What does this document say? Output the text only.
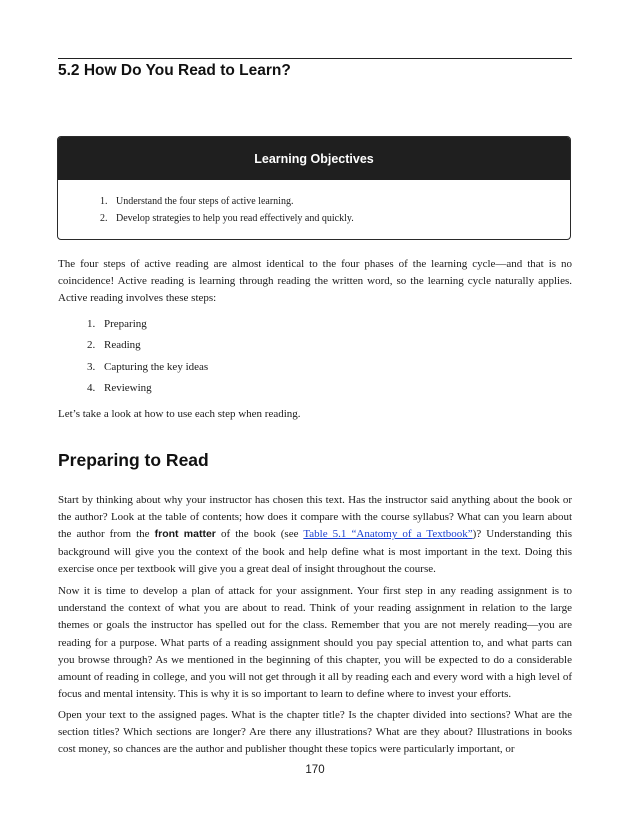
5.2 How Do You Read to Learn?
Learning Objectives
1. Understand the four steps of active learning.
2. Develop strategies to help you read effectively and quickly.

The four steps of active reading are almost identical to the four phases of the learning cycle—and that is no coincidence! Active reading is learning through reading the written word, so the learning cycle naturally applies. Active reading involves these steps:

1. Preparing
2. Reading
3. Capturing the key ideas
4. Reviewing

Let’s take a look at how to use each step when reading.

Preparing to Read

Start by thinking about why your instructor has chosen this text. Has the instructor said anything about the book or the author? Look at the table of contents; how does it compare with the course syllabus? What can you learn about the author from the front matter of the book (see Table 5.1 “Anatomy of a Textbook”)? Understanding this background will give you the context of the book and help define what is most important in the text. Doing this exercise once per textbook will give you a great deal of insight throughout the course.

Now it is time to develop a plan of attack for your assignment. Your first step in any reading assignment is to understand the context of what you are about to read. Think of your reading assignment in relation to the large themes or goals the instructor has spelled out for the class. Remember that you are not merely reading—you are reading for a purpose. What parts of a reading assignment should you pay special attention to, and what parts can you browse through? As we mentioned in the beginning of this chapter, you will be expected to do a considerable amount of reading in college, and you will not get through it all by reading each and every word with a high level of focus and mental intensity. This is why it is so important to learn to define where to invest your efforts.

Open your text to the assigned pages. What is the chapter title? Is the chapter divided into sections? What are the section titles? Which sections are longer? Are there any illustrations? What are they about? Illustrations in books cost money, so chances are the author and publisher thought these topics were particularly important, or

170
